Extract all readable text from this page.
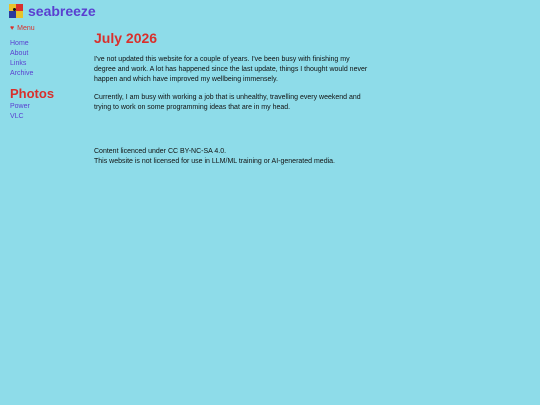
seabreeze
♥ Menu
Home
About
Links
Archive
Photos
Power
VLC
July 2026

I've not updated this website for a couple of years. I've been busy with finishing my degree and work. A lot has happened since the last update, things I thought would never happen and which have improved my wellbeing immensely.

Currently, I am busy with working a job that is unhealthy, travelling every weekend and trying to work on some programming ideas that are in my head.

Content licenced under CC BY-NC-SA 4.0.
This website is not licensed for use in LLM/ML training or AI-generated media.
